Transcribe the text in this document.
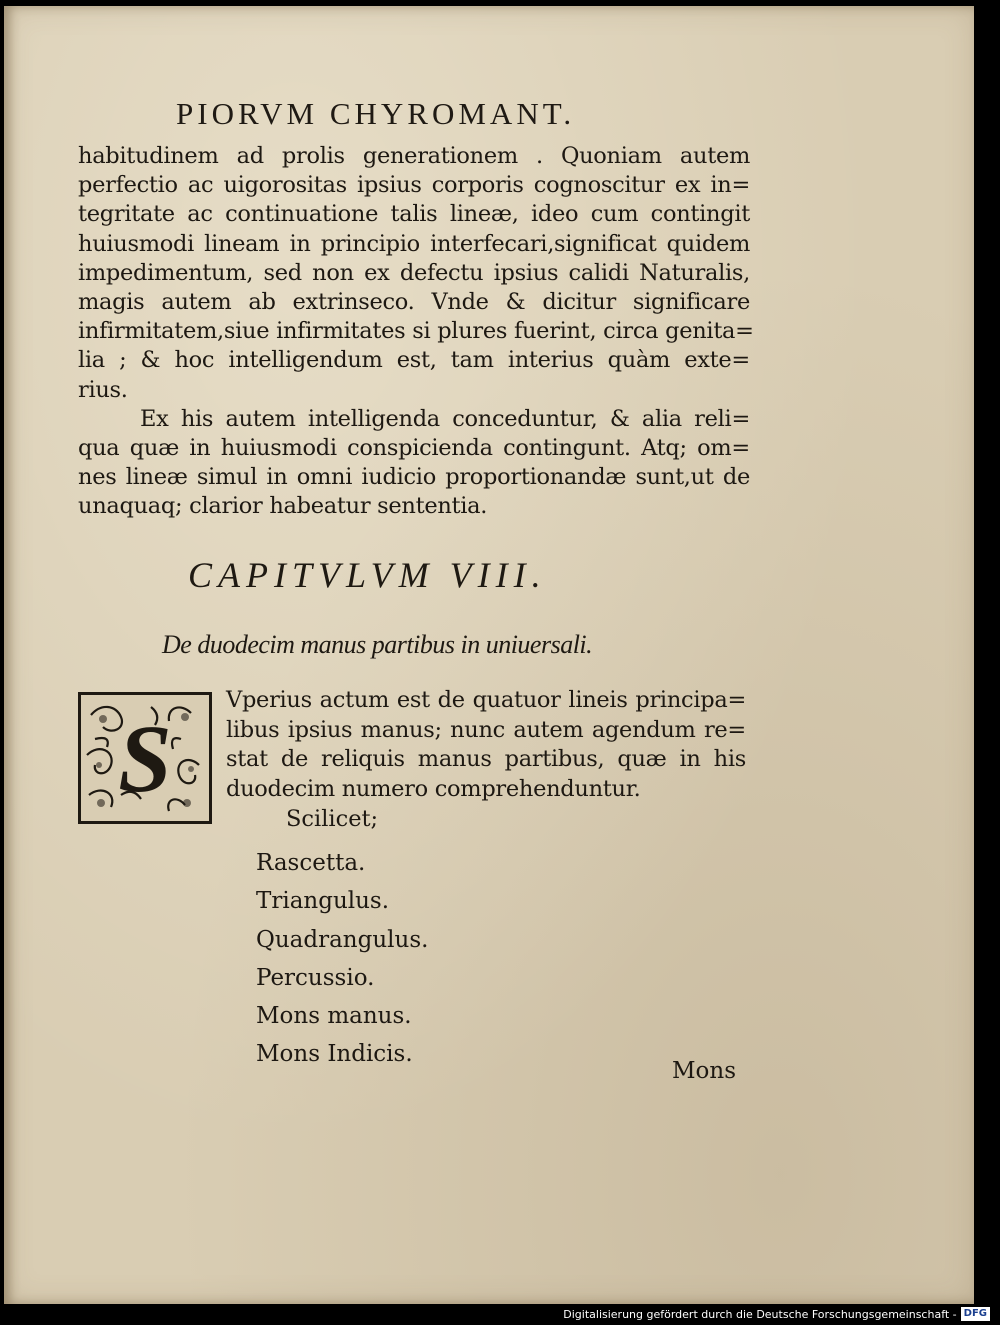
PIORVM CHYROMANT.
habitudinem ad prolis generationem . Quoniam autem
perfectio ac uigorositas ipsius corporis cognoscitur ex in=
tegritate ac continuatione talis lineæ, ideo cum contingit
huiusmodi lineam in principio interfecari,significat quidem
impedimentum, sed non ex defectu ipsius calidi Naturalis,
magis autem ab extrinseco. Vnde & dicitur significare
infirmitatem,siue infirmitates si plures fuerint, circa genita=
lia ; & hoc intelligendum est, tam interius quàm exte=
rius.
Ex his autem intelligenda conceduntur, & alia reli=
qua quæ in huiusmodi conspicienda contingunt. Atq; om=
nes lineæ simul in omni iudicio proportionandæ sunt,ut de
unaquaq; clarior habeatur sententia.
CAPITVLVM VIII.
De duodecim manus partibus in uniuersali.
S
Vperius actum est de quatuor lineis principa=
libus ipsius manus; nunc autem agendum re=
stat de reliquis manus partibus, quæ in his
duodecim numero comprehenduntur.
Scilicet;
Rascetta.
Triangulus.
Quadrangulus.
Percussio.
Mons manus.
Mons Indicis.
Mons
Digitalisierung gefördert durch die Deutsche Forschungsgemeinschaft - DFG
